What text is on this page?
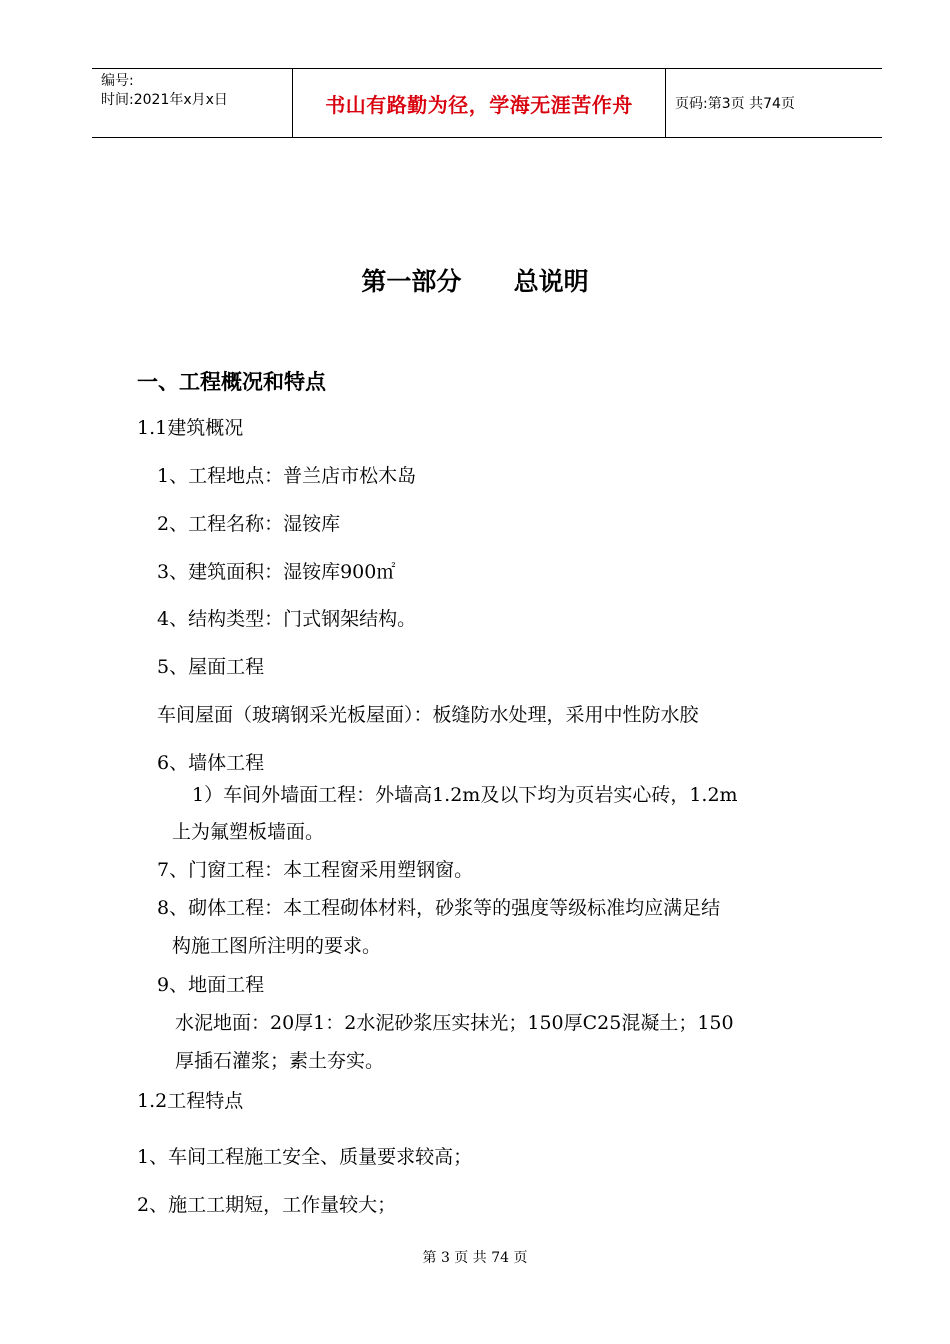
编号:
时间:2021年x月x日	书山有路勤为径，学海无涯苦作舟	页码:第3页 共74页
第一部分      总说明
一、工程概况和特点
1.1建筑概况
1、工程地点：普兰店市松木岛
2、工程名称：湿铵库
3、建筑面积：湿铵库900㎡
4、结构类型：门式钢架结构。
5、屋面工程
车间屋面（玻璃钢采光板屋面）：板缝防水处理，采用中性防水胶
6、墙体工程
1）车间外墙面工程：外墙高1.2m及以下均为页岩实心砖，1.2m
上为氟塑板墙面。
7、门窗工程：本工程窗采用塑钢窗。
8、砌体工程：本工程砌体材料，砂浆等的强度等级标准均应满足结
构施工图所注明的要求。
9、地面工程
水泥地面：20厚1：2水泥砂浆压实抹光；150厚C25混凝土；150
厚插石灌浆；素土夯实。
1.2工程特点
1、车间工程施工安全、质量要求较高；
2、施工工期短，工作量较大；
第 3 页 共 74 页
